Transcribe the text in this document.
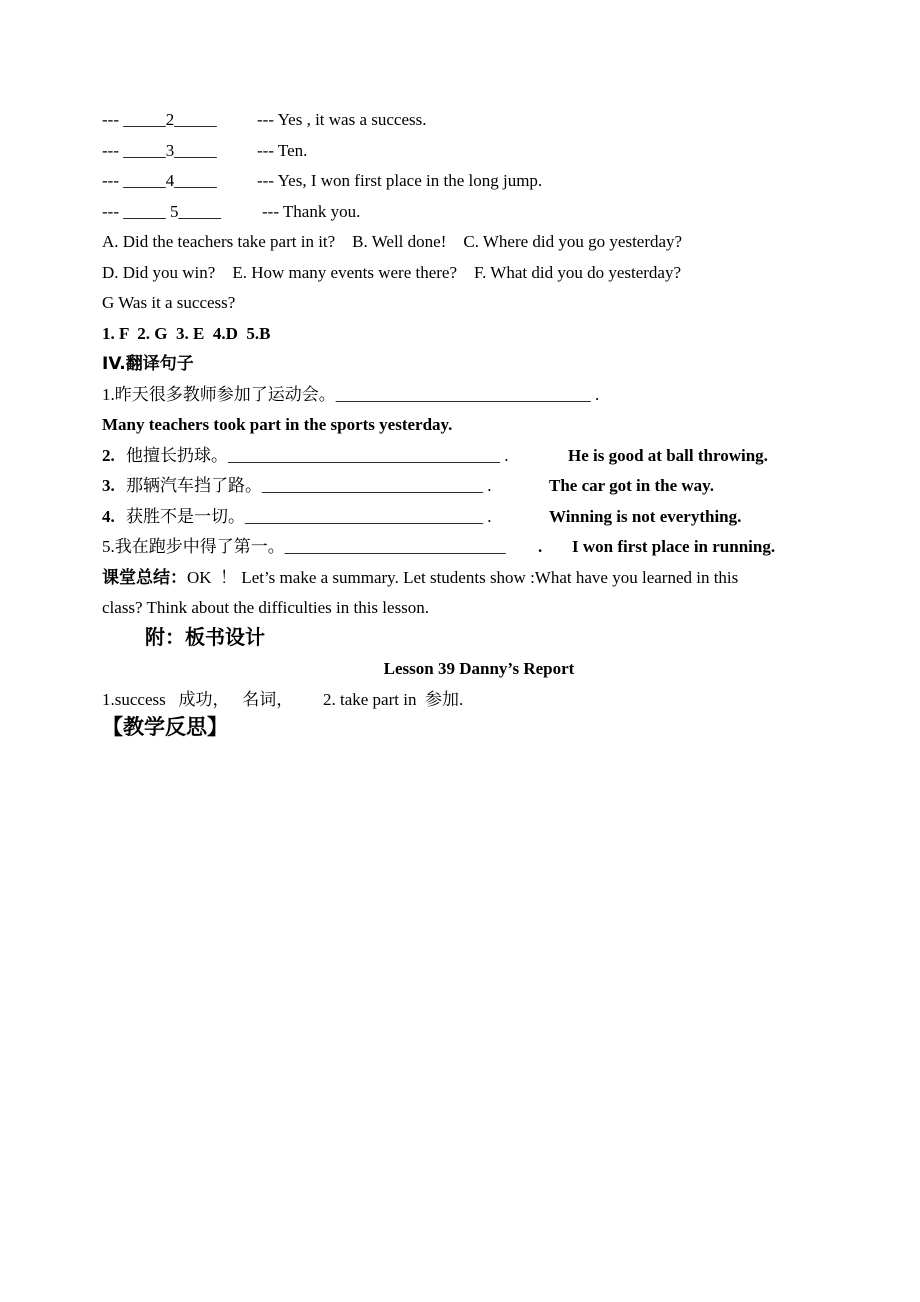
--- _____2_____ --- Yes , it was a success.
--- _____3_____ --- Ten.
--- _____4_____ --- Yes, I won first place in the long jump.
--- _____ 5_____ --- Thank you.
A. Did the teachers take part in it?    B. Well done!    C. Where did you go yesterday?
D. Did you win?    E. How many events were there?    F. What did you do yesterday?
G Was it a success?
1. F  2. G  3. E  4.D  5.B
IV.翻译句子
1.昨天很多教师参加了运动会。______________________________ .
Many teachers took part in the sports yesterday.
2. 他擅长扔球。________________________________ .	He is good at ball throwing.
3. 那辆汽车挡了路。__________________________ .	The car got in the way.
4. 获胜不是一切。____________________________ .	Winning is not everything.
5.我在跑步中得了第一。__________________________ . I won first place in running.
课堂总结：OK  ！ Let’s make a summary. Let students show :What have you learned in this
class? Think about the difficulties in this lesson.
附：板书设计
Lesson 39 Danny’s Report
1.success   成功，   名词，       2. take part in  参加.
【教学反思】
